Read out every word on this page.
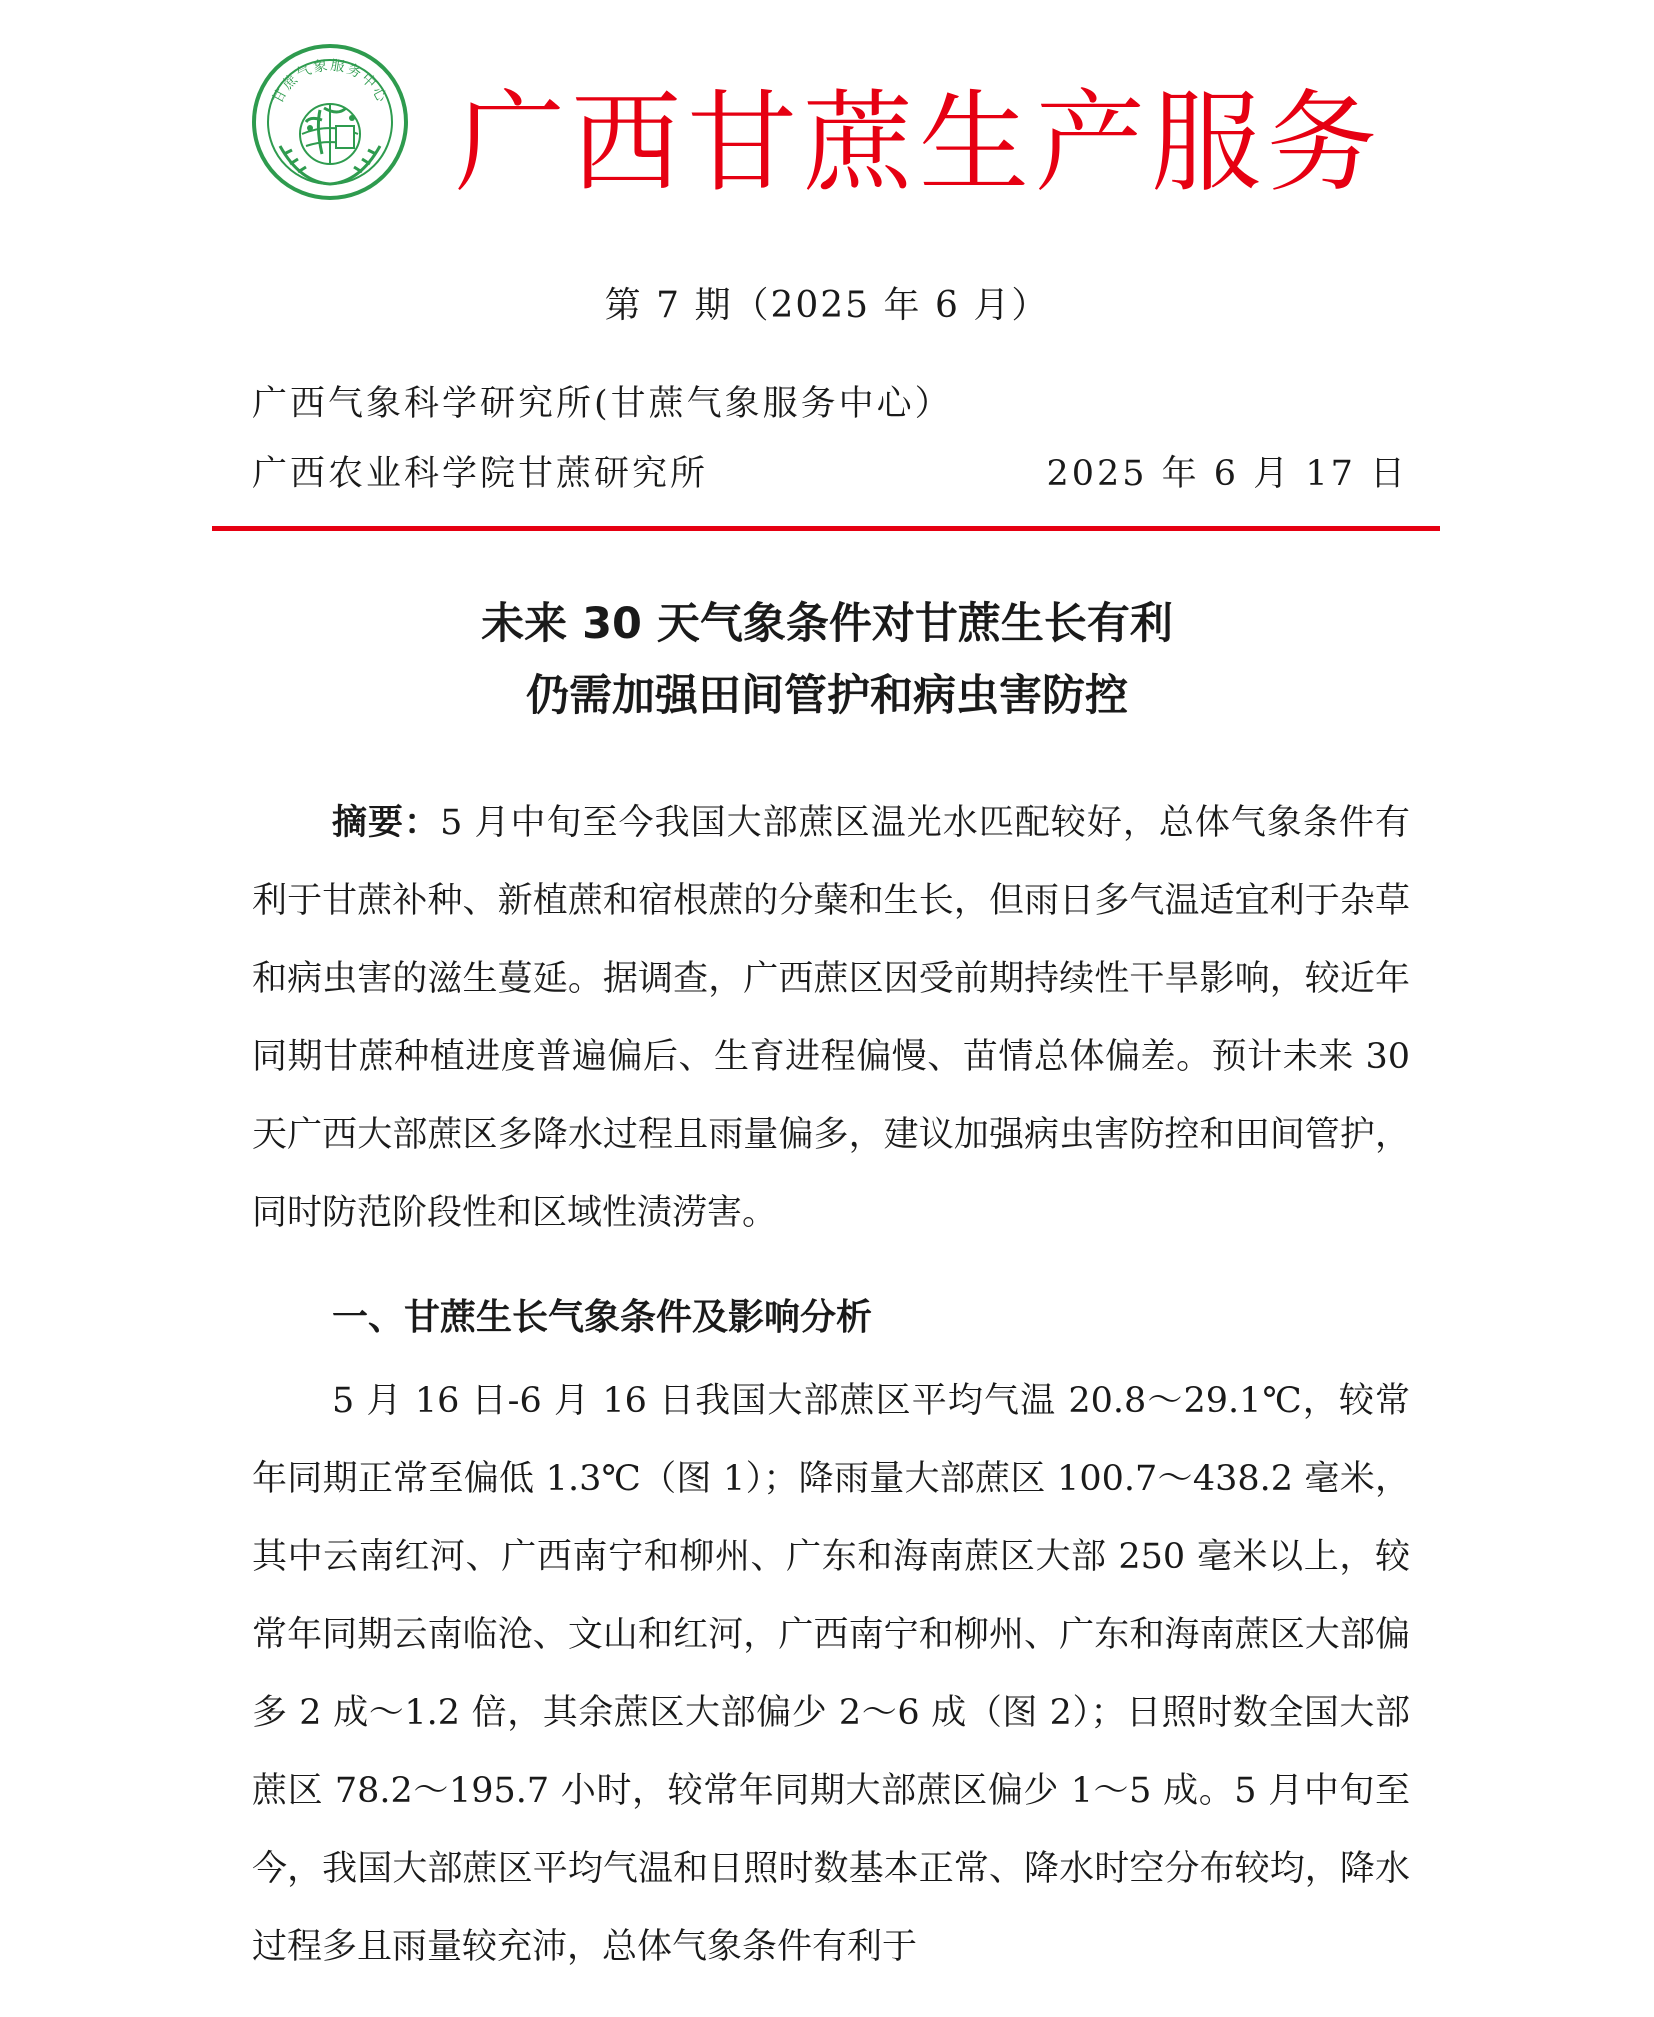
甘蔗气象服务中心 广西甘蔗生产服务
第 7 期（2025 年 6 月）
广西气象科学研究所(甘蔗气象服务中心）
广西农业科学院甘蔗研究所	2025 年 6 月 17 日
未来 30 天气象条件对甘蔗生长有利
仍需加强田间管护和病虫害防控

摘要：5 月中旬至今我国大部蔗区温光水匹配较好，总体气象条件有利于甘蔗补种、新植蔗和宿根蔗的分蘖和生长，但雨日多气温适宜利于杂草和病虫害的滋生蔓延。据调查，广西蔗区因受前期持续性干旱影响，较近年同期甘蔗种植进度普遍偏后、生育进程偏慢、苗情总体偏差。预计未来 30 天广西大部蔗区多降水过程且雨量偏多，建议加强病虫害防控和田间管护，同时防范阶段性和区域性渍涝害。

一、甘蔗生长气象条件及影响分析

5 月 16 日-6 月 16 日我国大部蔗区平均气温 20.8～29.1℃，较常年同期正常至偏低 1.3℃（图 1）；降雨量大部蔗区 100.7～438.2 毫米，其中云南红河、广西南宁和柳州、广东和海南蔗区大部 250 毫米以上，较常年同期云南临沧、文山和红河，广西南宁和柳州、广东和海南蔗区大部偏多 2 成～1.2 倍，其余蔗区大部偏少 2～6 成（图 2）；日照时数全国大部蔗区 78.2～195.7 小时，较常年同期大部蔗区偏少 1～5 成。5 月中旬至今，我国大部蔗区平均气温和日照时数基本正常、降水时空分布较均，降水过程多且雨量较充沛，总体气象条件有利于
